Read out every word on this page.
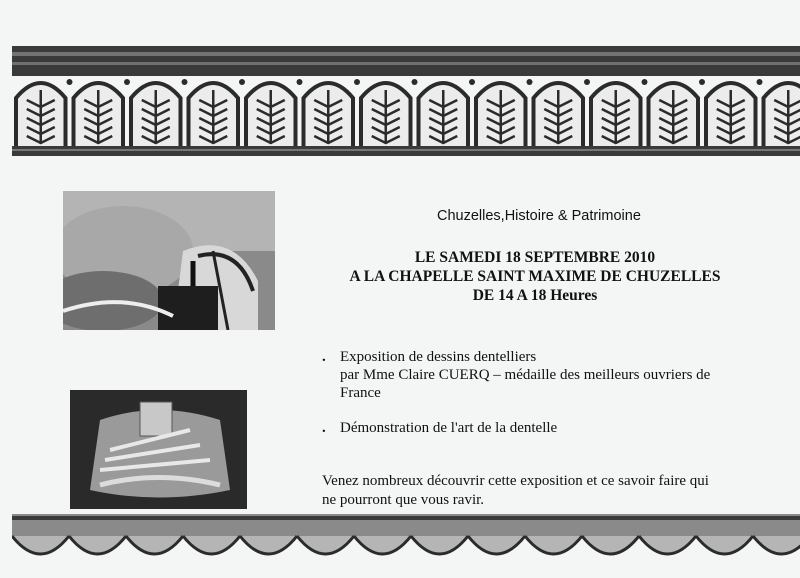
Chuzelles,Histoire & Patrimoine
LE SAMEDI 18 SEPTEMBRE 2010
A LA CHAPELLE SAINT MAXIME DE CHUZELLES
DE 14 A 18 Heures
. Exposition de dessins dentelliers
par Mme Claire CUERQ – médaille des meilleurs ouvriers de
France
. Démonstration de l'art de la dentelle
Venez nombreux découvrir cette exposition et ce savoir faire qui
ne pourront que vous ravir.
